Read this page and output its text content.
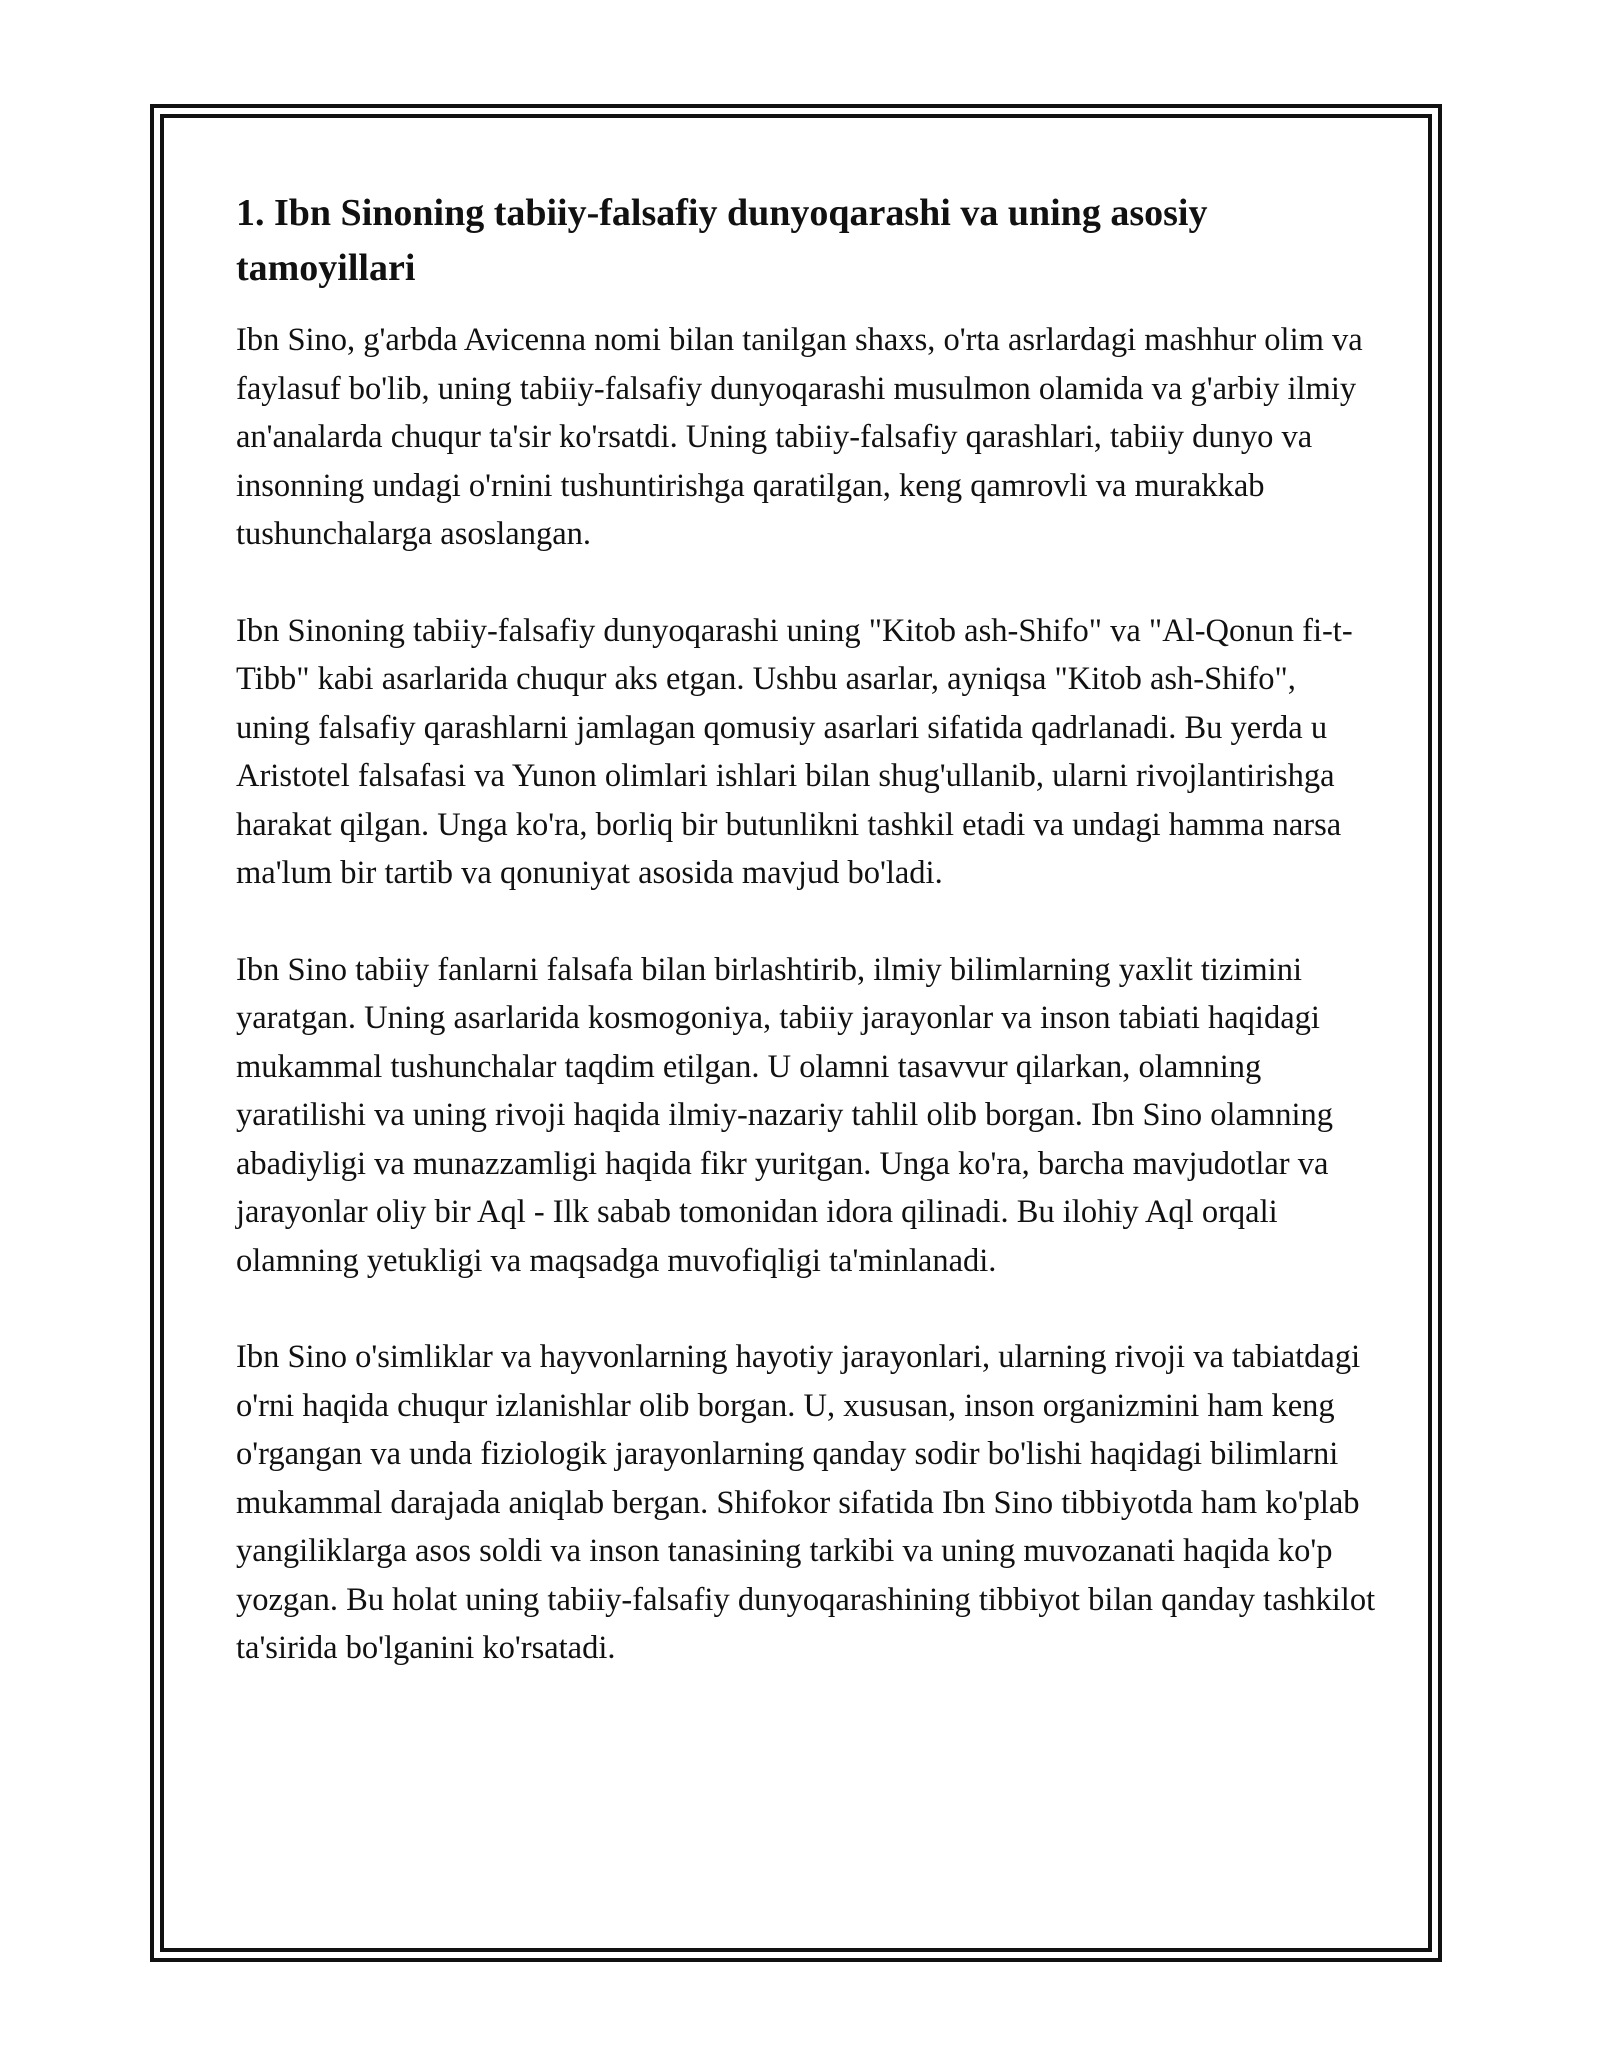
1. Ibn Sinoning tabiiy-falsafiy dunyoqarashi va uning asosiy tamoyillari

Ibn Sino, g'arbda Avicenna nomi bilan tanilgan shaxs, o'rta asrlardagi mashhur olim va faylasuf bo'lib, uning tabiiy-falsafiy dunyoqarashi musulmon olamida va g'arbiy ilmiy an'analarda chuqur ta'sir ko'rsatdi. Uning tabiiy-falsafiy qarashlari, tabiiy dunyo va insonning undagi o'rnini tushuntirishga qaratilgan, keng qamrovli va murakkab tushunchalarga asoslangan.

Ibn Sinoning tabiiy-falsafiy dunyoqarashi uning "Kitob ash-Shifo" va "Al-Qonun fi-t-Tibb" kabi asarlarida chuqur aks etgan. Ushbu asarlar, ayniqsa "Kitob ash-Shifo", uning falsafiy qarashlarni jamlagan qomusiy asarlari sifatida qadrlanadi. Bu yerda u Aristotel falsafasi va Yunon olimlari ishlari bilan shug'ullanib, ularni rivojlantirishga harakat qilgan. Unga ko'ra, borliq bir butunlikni tashkil etadi va undagi hamma narsa ma'lum bir tartib va qonuniyat asosida mavjud bo'ladi.

Ibn Sino tabiiy fanlarni falsafa bilan birlashtirib, ilmiy bilimlarning yaxlit tizimini yaratgan. Uning asarlarida kosmogoniya, tabiiy jarayonlar va inson tabiati haqidagi mukammal tushunchalar taqdim etilgan. U olamni tasavvur qilarkan, olamning yaratilishi va uning rivoji haqida ilmiy-nazariy tahlil olib borgan. Ibn Sino olamning abadiyligi va munazzamligi haqida fikr yuritgan. Unga ko'ra, barcha mavjudotlar va jarayonlar oliy bir Aql - Ilk sabab tomonidan idora qilinadi. Bu ilohiy Aql orqali olamning yetukligi va maqsadga muvofiqligi ta'minlanadi.

Ibn Sino o'simliklar va hayvonlarning hayotiy jarayonlari, ularning rivoji va tabiatdagi o'rni haqida chuqur izlanishlar olib borgan. U, xususan, inson organizmini ham keng o'rgangan va unda fiziologik jarayonlarning qanday sodir bo'lishi haqidagi bilimlarni mukammal darajada aniqlab bergan. Shifokor sifatida Ibn Sino tibbiyotda ham ko'plab yangiliklarga asos soldi va inson tanasining tarkibi va uning muvozanati haqida ko'p yozgan. Bu holat uning tabiiy-falsafiy dunyoqarashining tibbiyot bilan qanday tashkilot ta'sirida bo'lganini ko'rsatadi.
